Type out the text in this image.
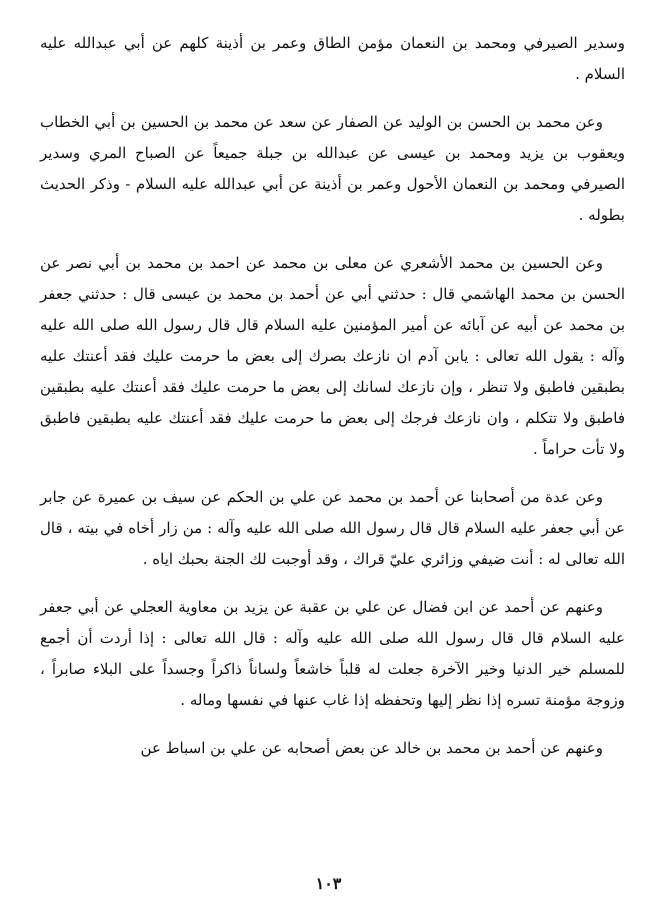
وسدير الصيرفي ومحمد بن النعمان مؤمن الطاق وعمر بن أذينة كلهم عن أبي عبدالله عليه السلام .

وعن محمد بن الحسن بن الوليد عن الصفار عن سعد عن محمد بن الحسين بن أبي الخطاب ويعقوب بن يزيد ومحمد بن عيسى عن عبدالله بن جبلة جميعاً عن الصباح المري وسدير الصيرفي ومحمد بن النعمان الأحول وعمر بن أذينة عن أبي عبدالله عليه السلام - وذكر الحديث بطوله .

وعن الحسين بن محمد الأشعري عن معلى بن محمد عن احمد بن محمد بن أبي نصر عن الحسن بن محمد الهاشمي قال : حدثني أبي عن أحمد بن محمد بن عيسى قال : حدثني جعفر بن محمد عن أبيه عن آبائه عن أمير المؤمنين عليه السلام قال قال رسول الله صلى الله عليه وآله : يقول الله تعالى : يابن آدم ان نازعك بصرك إلى بعض ما حرمت عليك فقد أعنتك عليه بطبقين فاطبق ولا تنظر ، وإن نازعك لسانك إلى بعض ما حرمت عليك فقد أعنتك عليه بطبقين فاطبق ولا تتكلم ، وان نازعك فرجك إلى بعض ما حرمت عليك فقد أعنتك عليه بطبقين فاطبق ولا تأت حراماً .

وعن عدة من أصحابنا عن أحمد بن محمد عن علي بن الحكم عن سيف بن عميرة عن جابر عن أبي جعفر عليه السلام قال قال رسول الله صلى الله عليه وآله : من زار أخاه في بيته ، قال الله تعالى له : أنت ضيفي وزائري عليّ قراك ، وقد أوجبت لك الجنة بحبك اياه .

وعنهم عن أحمد عن ابن فضال عن علي بن عقبة عن يزيد بن معاوية العجلي عن أبي جعفر عليه السلام قال قال رسول الله صلى الله عليه وآله : قال الله تعالى : إذا أردت أن أجمع للمسلم خير الدنيا وخير الآخرة جعلت له قلباً خاشعاً ولساناً ذاكراً وجسداً على البلاء صابراً ، وزوجة مؤمنة تسره إذا نظر إليها وتحفظه إذا غاب عنها في نفسها وماله .

وعنهم عن أحمد بن محمد بن خالد عن بعض أصحابه عن علي بن اسباط عن

١٠٣
